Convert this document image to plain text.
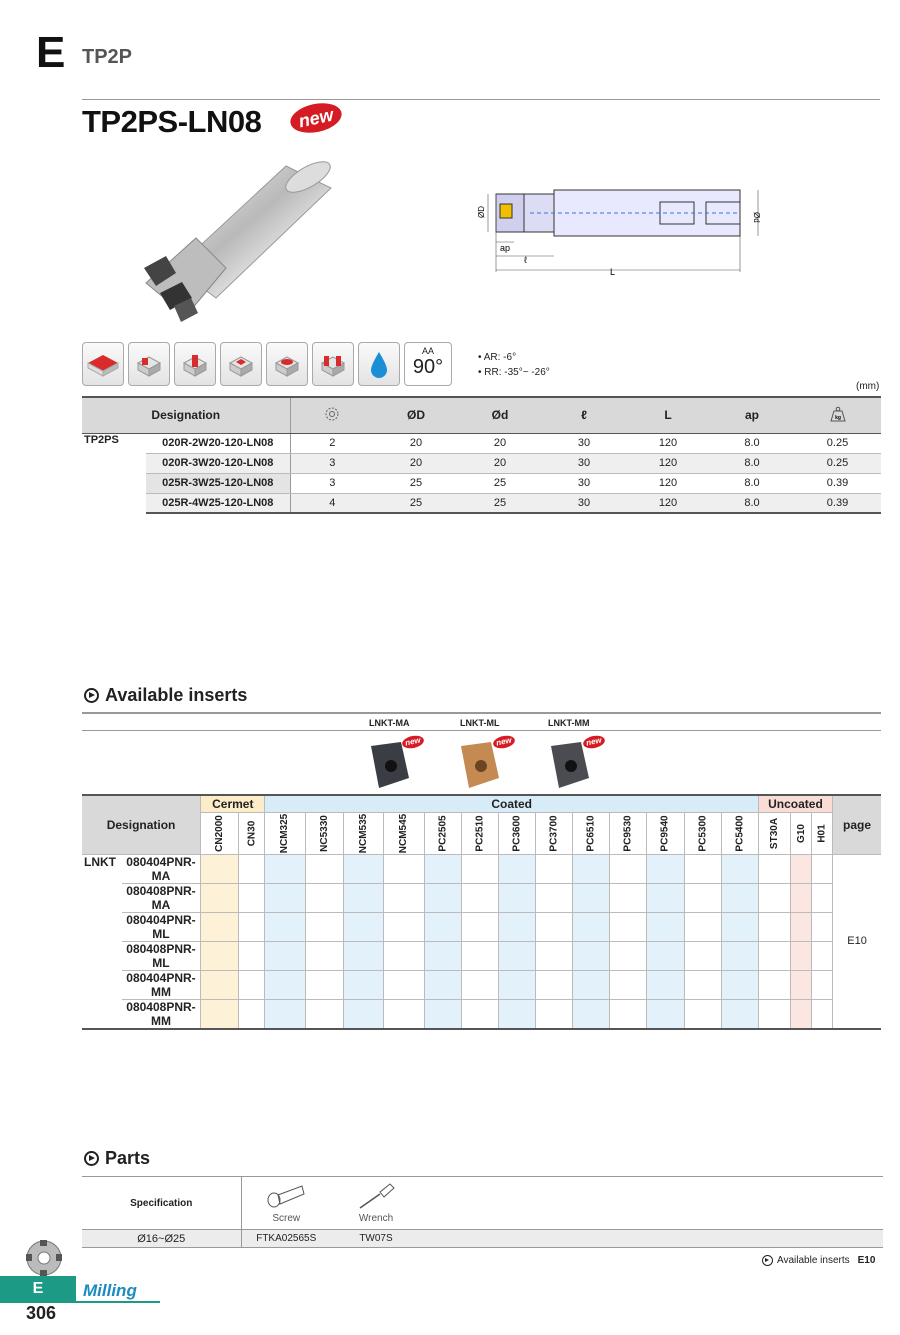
E TP2P
TP2PS-LN08	new
ØD	Ød
ap
ℓ
L
AA
90°	• AR: -6°
• RR: -35°~ -26°
(mm)
Designation			ØD	Ød	ℓ	L	ap	kg

TP2PS	020R-2W20-120-LN08	2	20	20	30	120	8.0	0.25
	020R-3W20-120-LN08	3	20	20	30	120	8.0	0.25
	025R-3W25-120-LN08	3	25	25	30	120	8.0	0.39
	025R-4W25-120-LN08	4	25	25	30	120	8.0	0.39
Available inserts
LNKT-MA	LNKT-ML	LNKT-MM
new	new	new
Designation		Cermet		Coated													Uncoated			page
		CN2000	CN30	NCM325	NC5330	NCM535	NCM545	PC2505	PC2510	PC3600	PC3700	PC6510	PC9530	PC9540	PC5300	PC5400	ST30A	G10	H01	
LNKT	080404PNR-MA																			E10
	080408PNR-MA																			
	080404PNR-ML																			
	080408PNR-ML																			
	080404PNR-MM																			
	080408PNR-MM																			
Parts
Specification	Screw	Wrench	
Ø16~Ø25	FTKA02565S	TW07S	
Available inserts E10
E	Milling
306
